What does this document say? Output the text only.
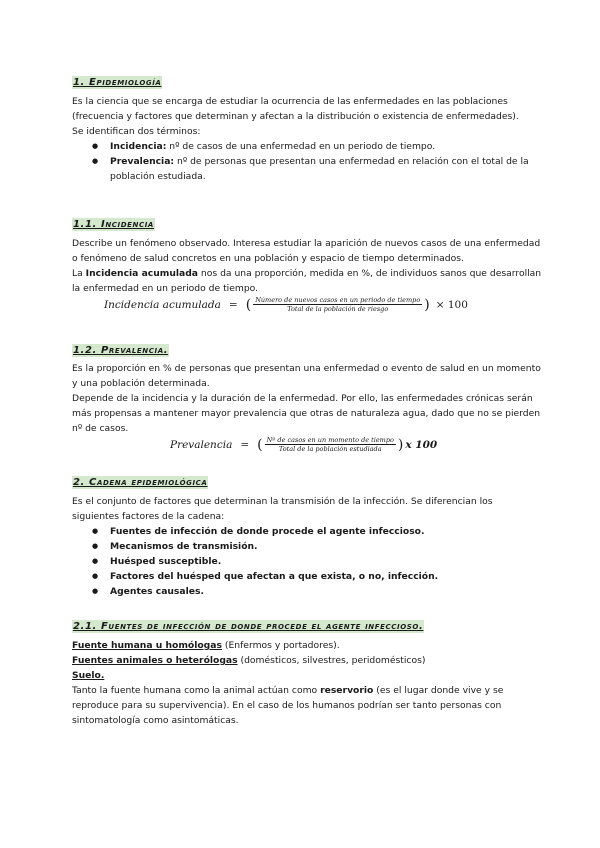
1. Epidemiología

Es la ciencia que se encarga de estudiar la ocurrencia de las enfermedades en las poblaciones (frecuencia y factores que determinan y afectan a la distribución o existencia de enfermedades).

Se identifican dos términos:

● Incidencia: nº de casos de una enfermedad en un periodo de tiempo.
● Prevalencia: nº de personas que presentan una enfermedad en relación con el total de la población estudiada.
1.1. Incidencia

Describe un fenómeno observado. Interesa estudiar la aparición de nuevos casos de una enfermedad o fenómeno de salud concretos en una población y espacio de tiempo determinados.

La Incidencia acumulada nos da una proporción, medida en %, de individuos sanos que desarrollan la enfermedad en un periodo de tiempo.

Incidencia acumulada = ( $\frac{\text{Número de nuevos casos en un periodo de tiempo}}{\text{Total de la población de riesgo}}$ ) × 100
1.2. Prevalencia.

Es la proporción en % de personas que presentan una enfermedad o evento de salud en un momento y una población determinada.

Depende de la incidencia y la duración de la enfermedad. Por ello, las enfermedades crónicas serán más propensas a mantener mayor prevalencia que otras de naturaleza agua, dado que no se pierden nº de casos.

Prevalencia = ( $\frac{\text{Nº de casos en un momento de tiempo}}{\text{Total de la población estudiada}}$ ) x 100
2. Cadena epidemiológica

Es el conjunto de factores que determinan la transmisión de la infección. Se diferencian los siguientes factores de la cadena:

● Fuentes de infección de donde procede el agente infeccioso.
● Mecanismos de transmisión.
● Huésped susceptible.
● Factores del huésped que afectan a que exista, o no, infección.
● Agentes causales.
2.1. Fuentes de infección de donde procede el agente infeccioso.

Fuente humana u homólogas (Enfermos y portadores).

Fuentes animales o heterólogas (domésticos, silvestres, peridomésticos)

Suelo.

Tanto la fuente humana como la animal actúan como reservorio (es el lugar donde vive y se reproduce para su supervivencia). En el caso de los humanos podrían ser tanto personas con sintomatología como asintomáticas.
